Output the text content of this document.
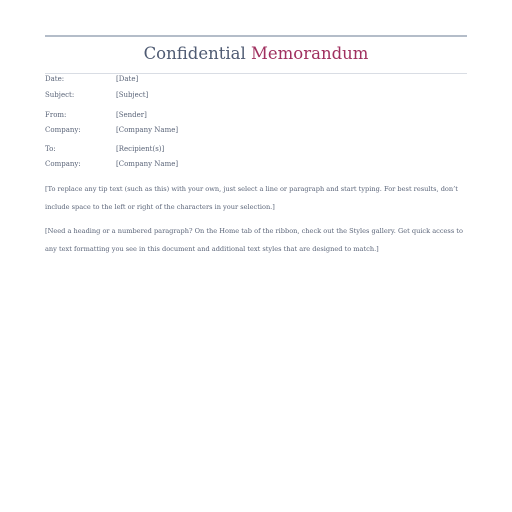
Confidential Memorandum
Date:	[Date]
Subject:	[Subject]
From:	[Sender]
Company:	[Company Name]
To:	[Recipient(s)]
Company:	[Company Name]

[To replace any tip text (such as this) with your own, just select a line or paragraph and start typing. For best results, don’t include space to the left or right of the characters in your selection.]

[Need a heading or a numbered paragraph? On the Home tab of the ribbon, check out the Styles gallery. Get quick access to any text formatting you see in this document and additional text styles that are designed to match.]
